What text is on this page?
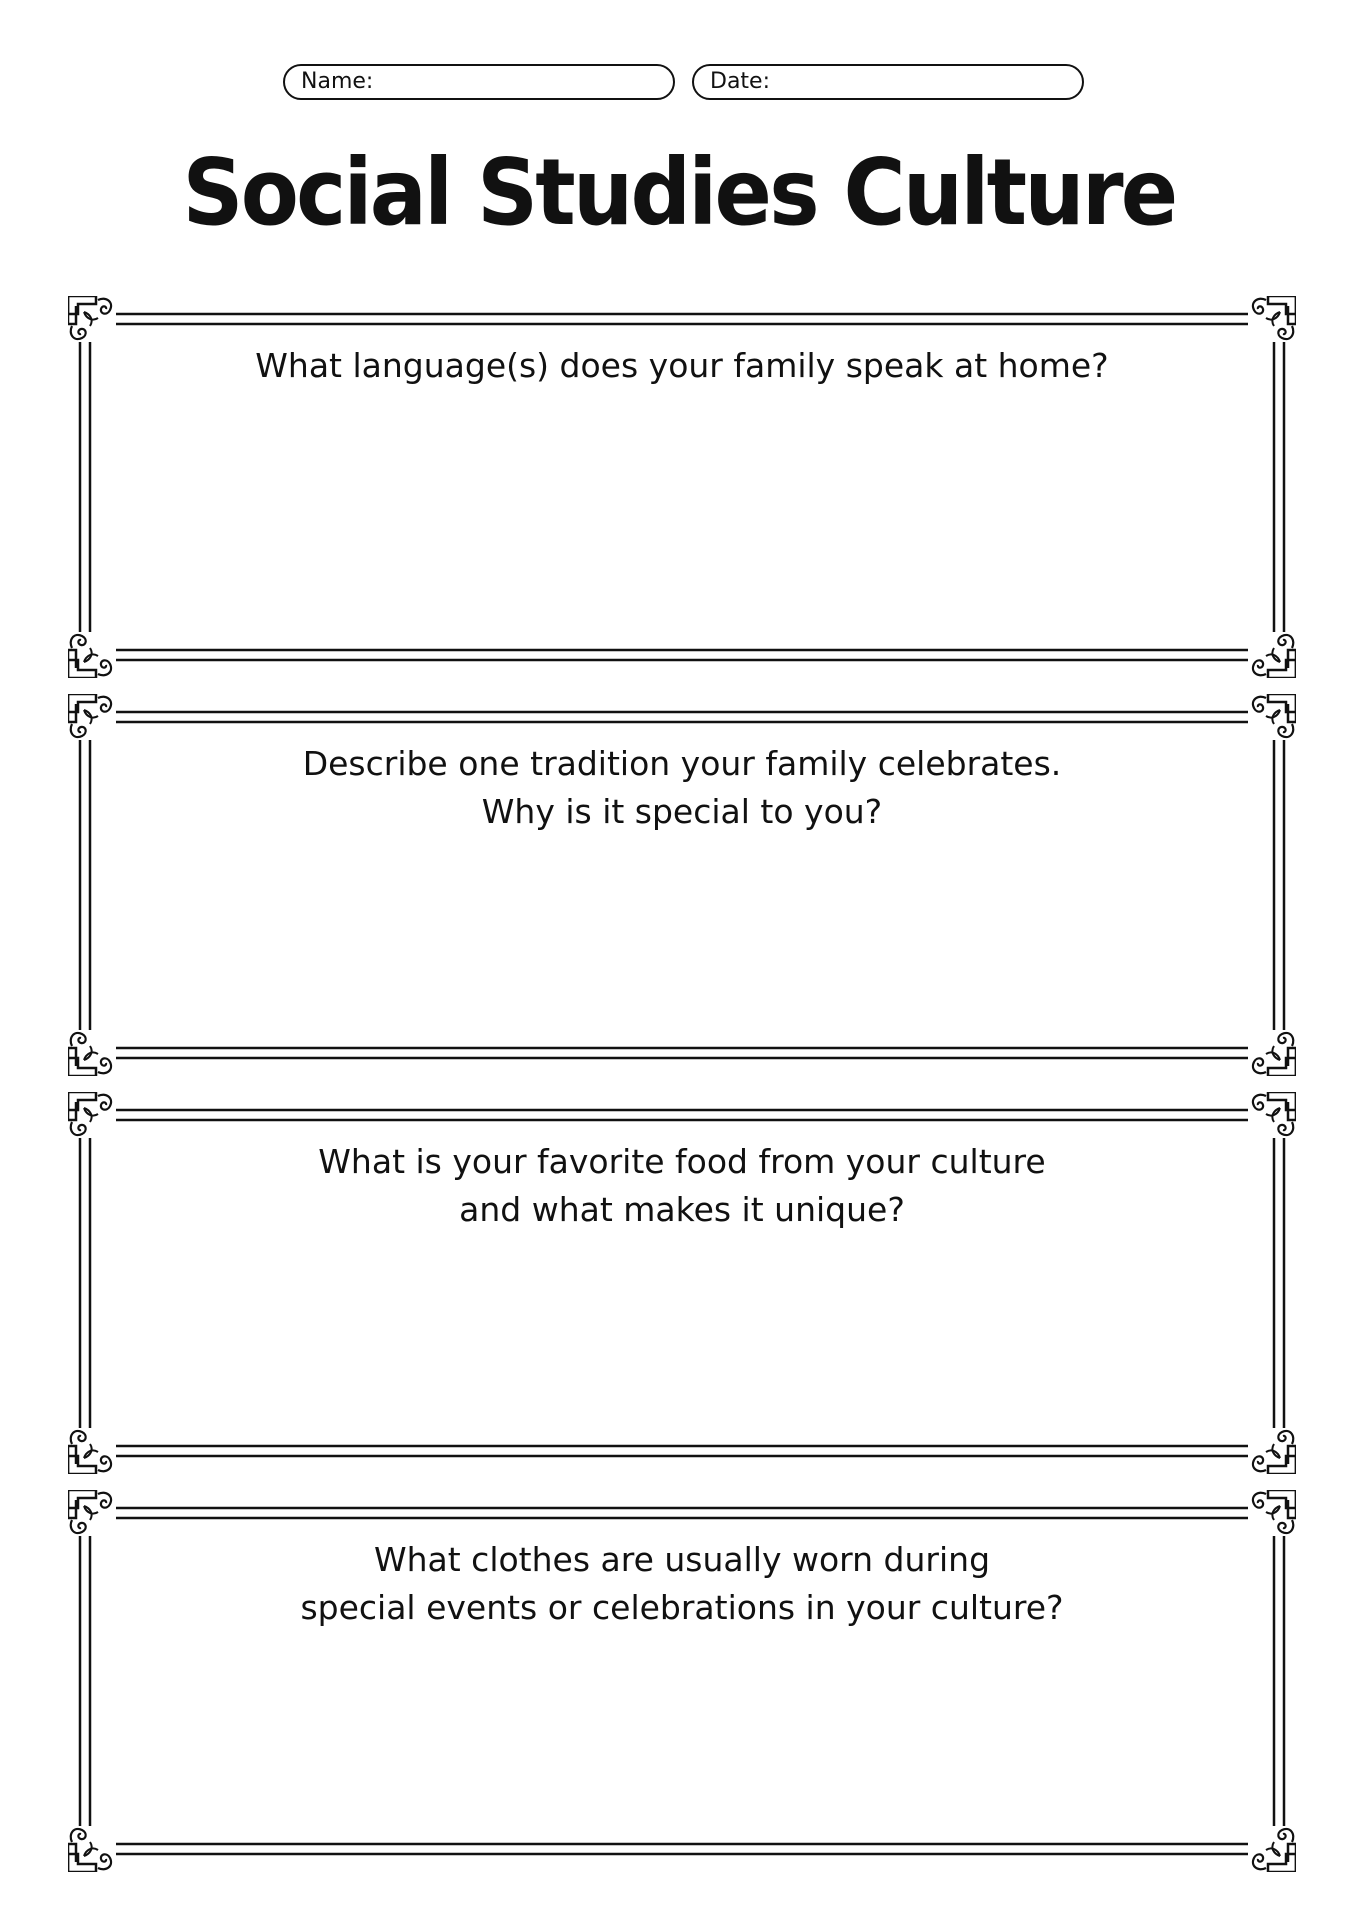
Name:	Date:
Social Studies Culture
What language(s) does your family speak at home?
Describe one tradition your family celebrates.
Why is it special to you?
What is your favorite food from your culture
and what makes it unique?
What clothes are usually worn during
special events or celebrations in your culture?
